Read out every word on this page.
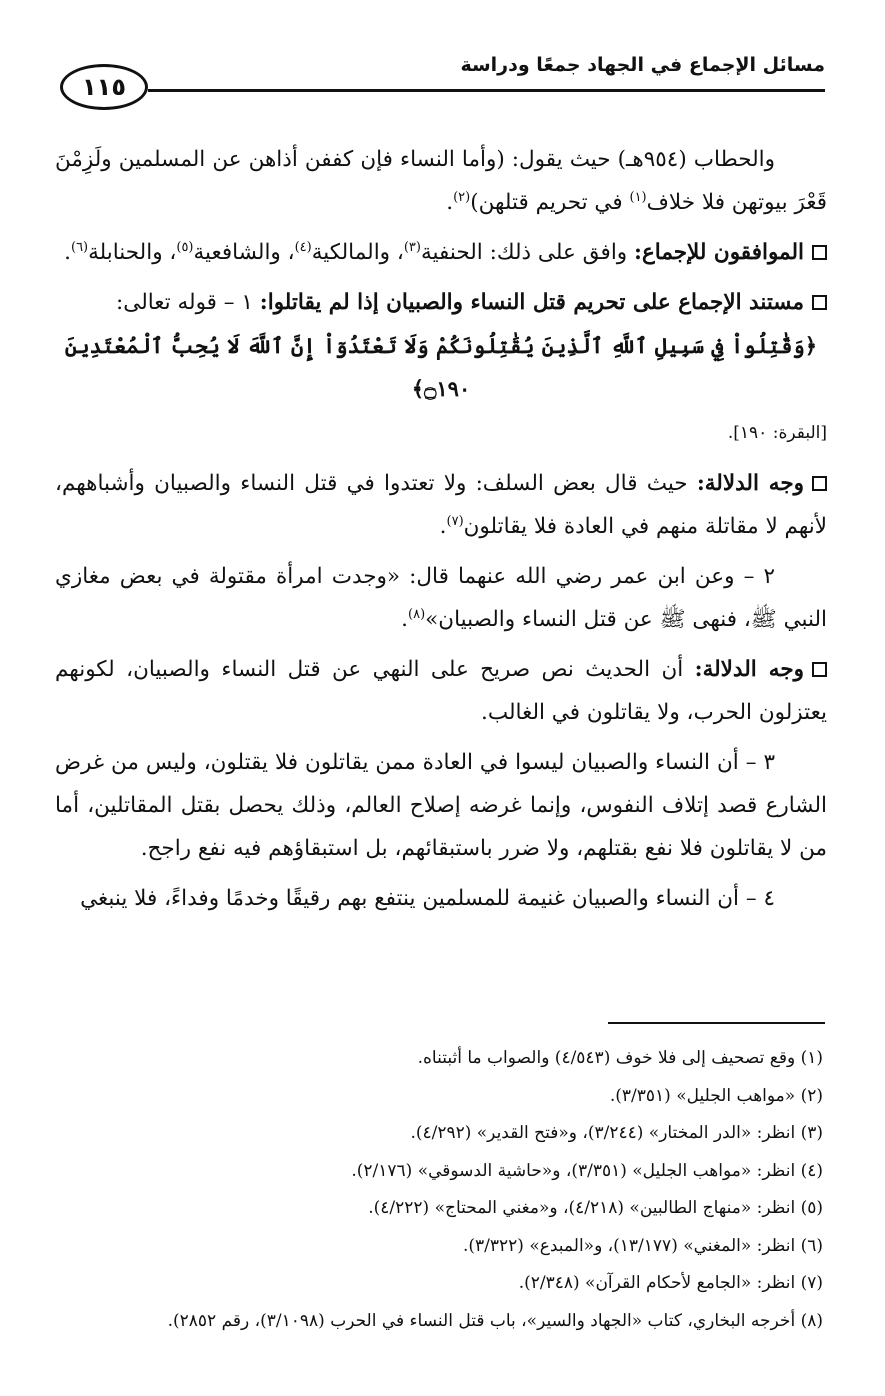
مسائل الإجماع في الجهاد جمعًا ودراسة
١١٥

والحطاب (٩٥٤هـ) حيث يقول: (وأما النساء فإن كففن أذاهن عن المسلمين ولَزِمْنَ قَعْرَ بيوتهن فلا خلاف$^{(١)}$ في تحريم قتلهن)$^{(٢)}$.

الموافقون للإجماع: وافق على ذلك: الحنفية$^{(٣)}$، والمالكية$^{(٤)}$، والشافعية$^{(٥)}$، والحنابلة$^{(٦)}$.

مستند الإجماع على تحريم قتل النساء والصبيان إذا لم يقاتلوا: ١ – قوله تعالى:
﴿وَقَٰتِلُواْ فِي سَبِيلِ ٱللَّهِ ٱلَّذِينَ يُقَٰتِلُونَكُمْ وَلَا تَعْتَدُوٓاْ إِنَّ ٱللَّهَ لَا يُحِبُّ ٱلْمُعْتَدِينَ ۝١٩٠﴾
[البقرة: ١٩٠].

وجه الدلالة: حيث قال بعض السلف: ولا تعتدوا في قتل النساء والصبيان وأشباههم، لأنهم لا مقاتلة منهم في العادة فلا يقاتلون$^{(٧)}$.

٢ – وعن ابن عمر رضي الله عنهما قال: «وجدت امرأة مقتولة في بعض مغازي النبي ﷺ، فنهى ﷺ عن قتل النساء والصبيان»$^{(٨)}$.

وجه الدلالة: أن الحديث نص صريح على النهي عن قتل النساء والصبيان، لكونهم يعتزلون الحرب، ولا يقاتلون في الغالب.

٣ – أن النساء والصبيان ليسوا في العادة ممن يقاتلون فلا يقتلون، وليس من غرض الشارع قصد إتلاف النفوس، وإنما غرضه إصلاح العالم، وذلك يحصل بقتل المقاتلين، أما من لا يقاتلون فلا نفع بقتلهم، ولا ضرر باستبقائهم، بل استبقاؤهم فيه نفع راجح.

٤ – أن النساء والصبيان غنيمة للمسلمين ينتفع بهم رقيقًا وخدمًا وفداءً، فلا ينبغي

(١) وقع تصحيف إلى فلا خوف (٤/٥٤٣) والصواب ما أثبتناه.

(٢) «مواهب الجليل» (٣/٣٥١).

(٣) انظر: «الدر المختار» (٣/٢٤٤)، و«فتح القدير» (٤/٢٩٢).

(٤) انظر: «مواهب الجليل» (٣/٣٥١)، و«حاشية الدسوقي» (٢/١٧٦).

(٥) انظر: «منهاج الطالبين» (٤/٢١٨)، و«مغني المحتاج» (٤/٢٢٢).

(٦) انظر: «المغني» (١٣/١٧٧)، و«المبدع» (٣/٣٢٢).

(٧) انظر: «الجامع لأحكام القرآن» (٢/٣٤٨).

(٨) أخرجه البخاري، كتاب «الجهاد والسير»، باب قتل النساء في الحرب (٣/١٠٩٨)، رقم ٢٨٥٢).
